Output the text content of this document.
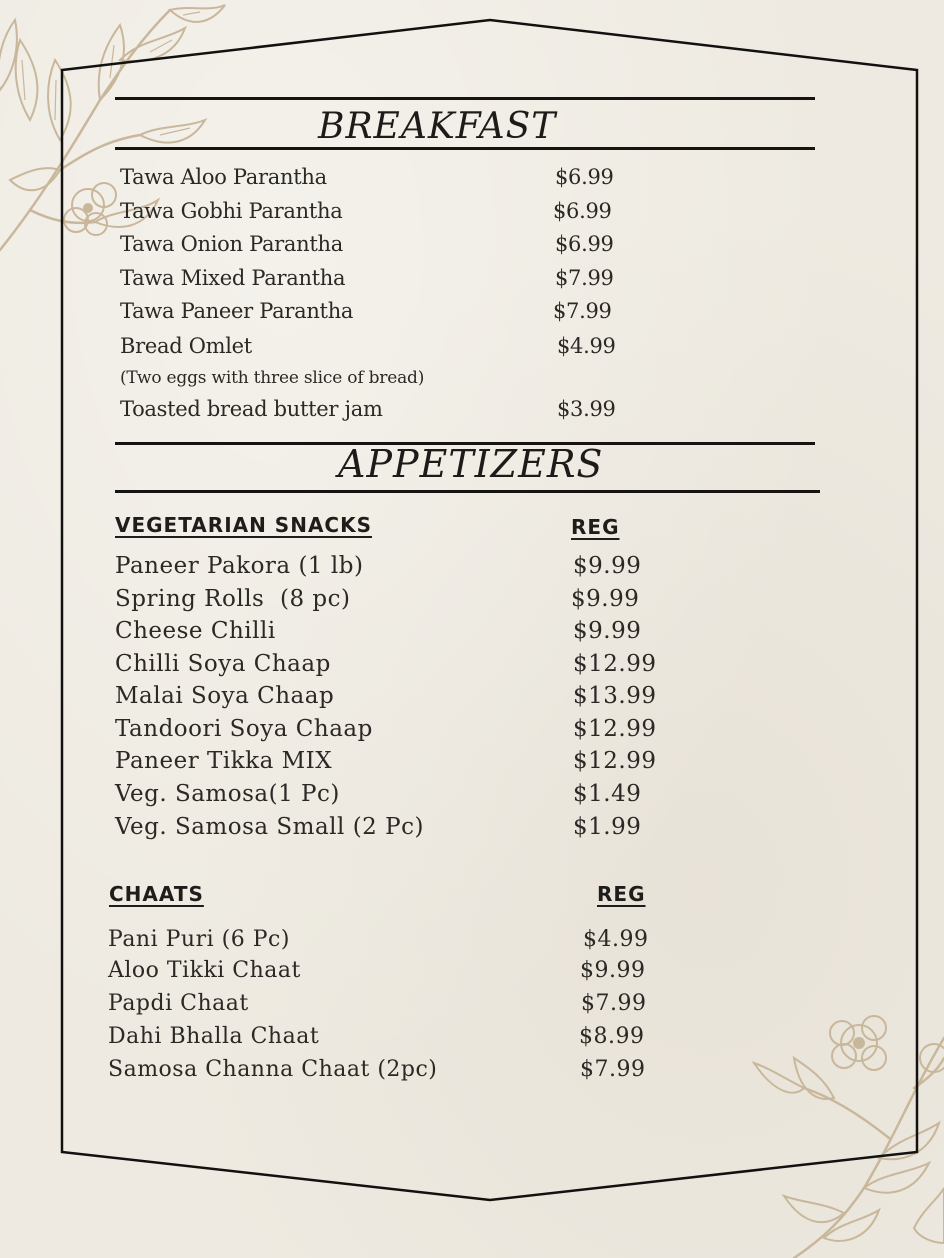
BREAKFAST
Tawa Aloo Parantha	$6.99
Tawa Gobhi Parantha	$6.99
Tawa Onion Parantha	$6.99
Tawa Mixed Parantha	$7.99
Tawa Paneer Parantha	$7.99
Bread Omlet	$4.99
(Two eggs with three slice of bread)
Toasted bread butter jam	$3.99
APPETIZERS
VEGETARIAN SNACKS	REG
Paneer Pakora (1 lb)	$9.99
Spring Rolls  (8 pc)	$9.99
Cheese Chilli	$9.99
Chilli Soya Chaap	$12.99
Malai Soya Chaap	$13.99
Tandoori Soya Chaap	$12.99
Paneer Tikka MIX	$12.99
Veg. Samosa(1 Pc)	$1.49
Veg. Samosa Small (2 Pc)	$1.99
CHAATS	REG
Pani Puri (6 Pc)	$4.99
Aloo Tikki Chaat	$9.99
Papdi Chaat	$7.99
Dahi Bhalla Chaat	$8.99
Samosa Channa Chaat (2pc)	$7.99
